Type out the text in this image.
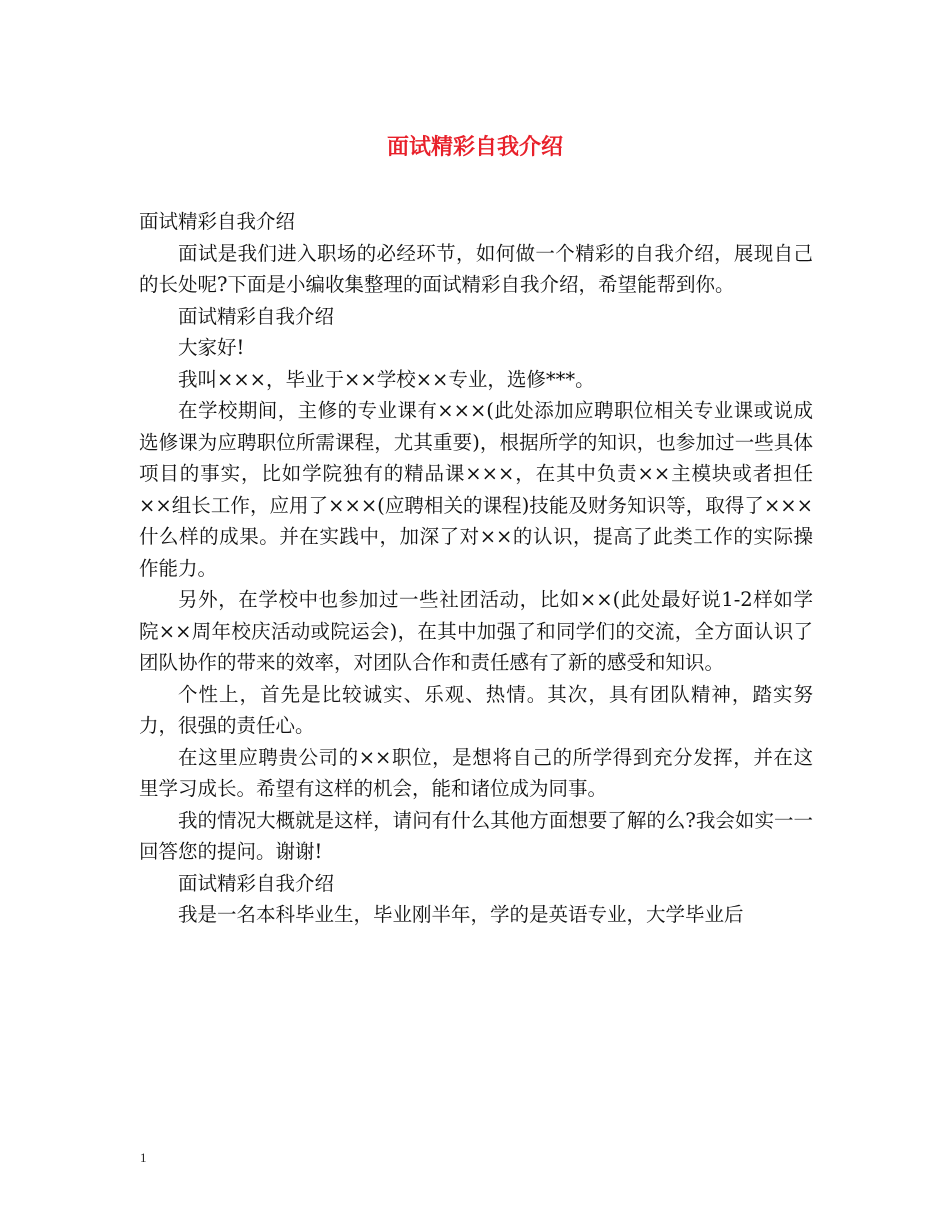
面试精彩自我介绍

面试精彩自我介绍

面试是我们进入职场的必经环节，如何做一个精彩的自我介绍，展现自己的长处呢?下面是小编收集整理的面试精彩自我介绍，希望能帮到你。

面试精彩自我介绍

大家好!

我叫×××，毕业于××学校××专业，选修***。

在学校期间，主修的专业课有×××(此处添加应聘职位相关专业课或说成选修课为应聘职位所需课程，尤其重要)，根据所学的知识，也参加过一些具体项目的事实，比如学院独有的精品课×××，在其中负责××主模块或者担任××组长工作，应用了×××(应聘相关的课程)技能及财务知识等，取得了×××什么样的成果。并在实践中，加深了对××的认识，提高了此类工作的实际操作能力。

另外，在学校中也参加过一些社团活动，比如××(此处最好说1-2样如学院××周年校庆活动或院运会)，在其中加强了和同学们的交流，全方面认识了团队协作的带来的效率，对团队合作和责任感有了新的感受和知识。

个性上，首先是比较诚实、乐观、热情。其次，具有团队精神，踏实努力，很强的责任心。

在这里应聘贵公司的××职位，是想将自己的所学得到充分发挥，并在这里学习成长。希望有这样的机会，能和诸位成为同事。

我的情况大概就是这样，请问有什么其他方面想要了解的么?我会如实一一回答您的提问。谢谢!

面试精彩自我介绍

我是一名本科毕业生，毕业刚半年，学的是英语专业，大学毕业后

1
